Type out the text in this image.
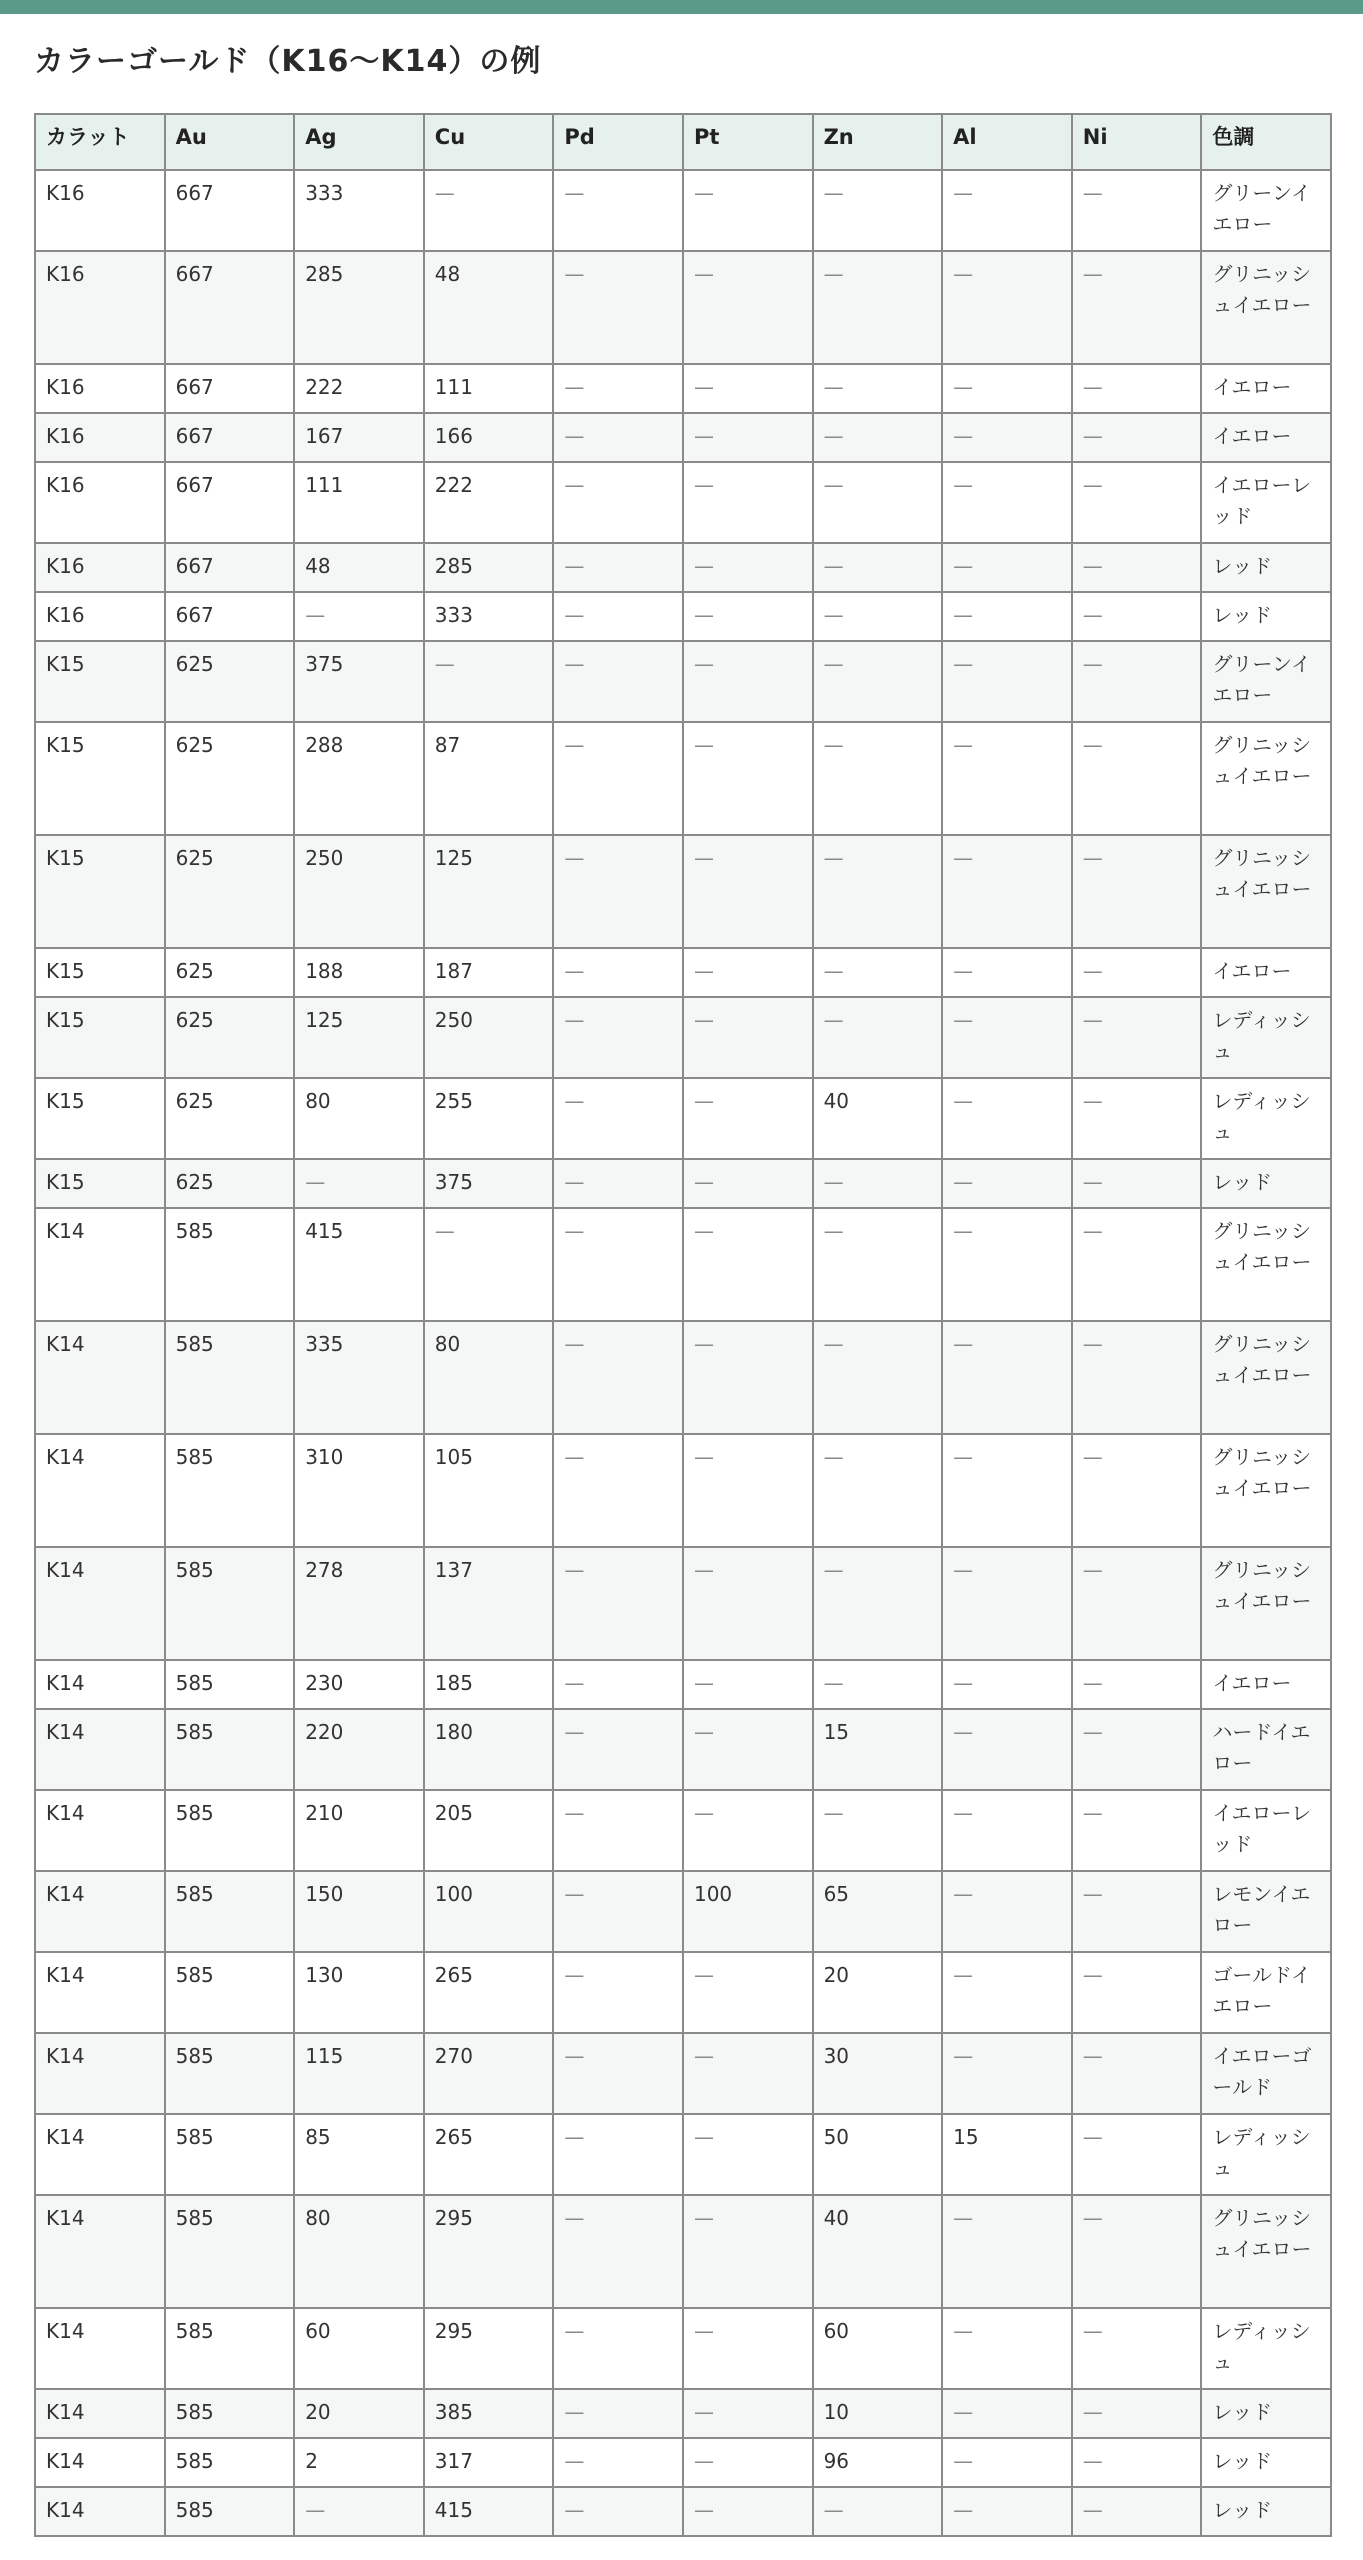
カラーゴールド（K16～K14）の例
カラット	Au	Ag	Cu	Pd	Pt	Zn	Al	Ni	色調
K16	667	333	—	—	—	—	—	—	グリーンイエロー
K16	667	285	48	—	—	—	—	—	グリニッシュイエロー
K16	667	222	111	—	—	—	—	—	イエロー
K16	667	167	166	—	—	—	—	—	イエロー
K16	667	111	222	—	—	—	—	—	イエローレッド
K16	667	48	285	—	—	—	—	—	レッド
K16	667	—	333	—	—	—	—	—	レッド
K15	625	375	—	—	—	—	—	—	グリーンイエロー
K15	625	288	87	—	—	—	—	—	グリニッシュイエロー
K15	625	250	125	—	—	—	—	—	グリニッシュイエロー
K15	625	188	187	—	—	—	—	—	イエロー
K15	625	125	250	—	—	—	—	—	レディッシュ
K15	625	80	255	—	—	40	—	—	レディッシュ
K15	625	—	375	—	—	—	—	—	レッド
K14	585	415	—	—	—	—	—	—	グリニッシュイエロー
K14	585	335	80	—	—	—	—	—	グリニッシュイエロー
K14	585	310	105	—	—	—	—	—	グリニッシュイエロー
K14	585	278	137	—	—	—	—	—	グリニッシュイエロー
K14	585	230	185	—	—	—	—	—	イエロー
K14	585	220	180	—	—	15	—	—	ハードイエロー
K14	585	210	205	—	—	—	—	—	イエローレッド
K14	585	150	100	—	100	65	—	—	レモンイエロー
K14	585	130	265	—	—	20	—	—	ゴールドイエロー
K14	585	115	270	—	—	30	—	—	イエローゴールド
K14	585	85	265	—	—	50	15	—	レディッシュ
K14	585	80	295	—	—	40	—	—	グリニッシュイエロー
K14	585	60	295	—	—	60	—	—	レディッシュ
K14	585	20	385	—	—	10	—	—	レッド
K14	585	2	317	—	—	96	—	—	レッド
K14	585	—	415	—	—	—	—	—	レッド
